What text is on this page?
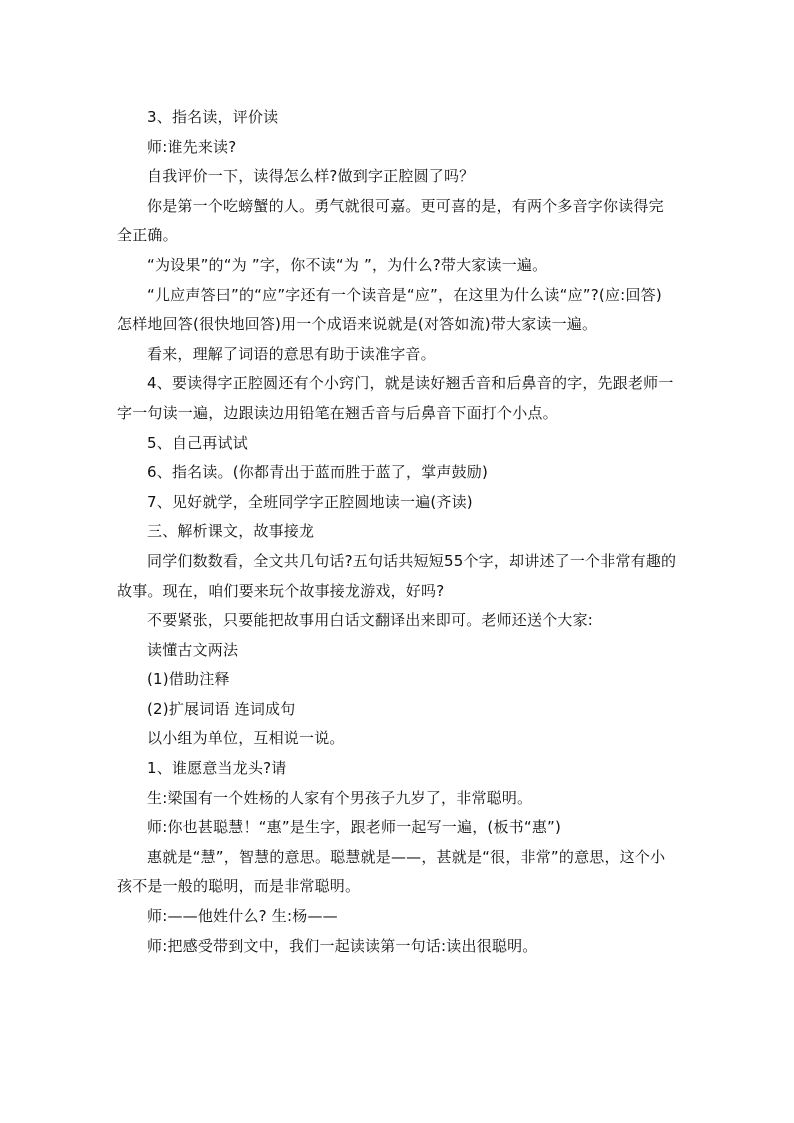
3、指名读，评价读

师:谁先来读?

自我评价一下，读得怎么样?做到字正腔圆了吗？

你是第一个吃螃蟹的人。勇气就很可嘉。更可喜的是，有两个多音字你读得完全正确。

“为设果”的“为 ”字，你不读“为 ”，为什么?带大家读一遍。

“儿应声答曰”的“应”字还有一个读音是“应”，在这里为什么读“应”?(应:回答)怎样地回答(很快地回答)用一个成语来说就是(对答如流)带大家读一遍。

看来，理解了词语的意思有助于读准字音。

4、要读得字正腔圆还有个小窍门，就是读好翘舌音和后鼻音的字，先跟老师一字一句读一遍，边跟读边用铅笔在翘舌音与后鼻音下面打个小点。

5、自己再试试

6、指名读。(你都青出于蓝而胜于蓝了，掌声鼓励)

7、见好就学，全班同学字正腔圆地读一遍(齐读)

三、解析课文，故事接龙

同学们数数看，全文共几句话?五句话共短短55个字，却讲述了一个非常有趣的故事。现在，咱们要来玩个故事接龙游戏，好吗?

不要紧张，只要能把故事用白话文翻译出来即可。老师还送个大家:

读懂古文两法

(1)借助注释

(2)扩展词语 连词成句

以小组为单位，互相说一说。

1、谁愿意当龙头?请

生:梁国有一个姓杨的人家有个男孩子九岁了，非常聪明。

师:你也甚聪慧！“惠”是生字，跟老师一起写一遍，(板书“惠”)

惠就是“慧”，智慧的意思。聪慧就是——，甚就是“很，非常”的意思，这个小孩不是一般的聪明，而是非常聪明。

师:——他姓什么? 生:杨——

师:把感受带到文中，我们一起读读第一句话:读出很聪明。
